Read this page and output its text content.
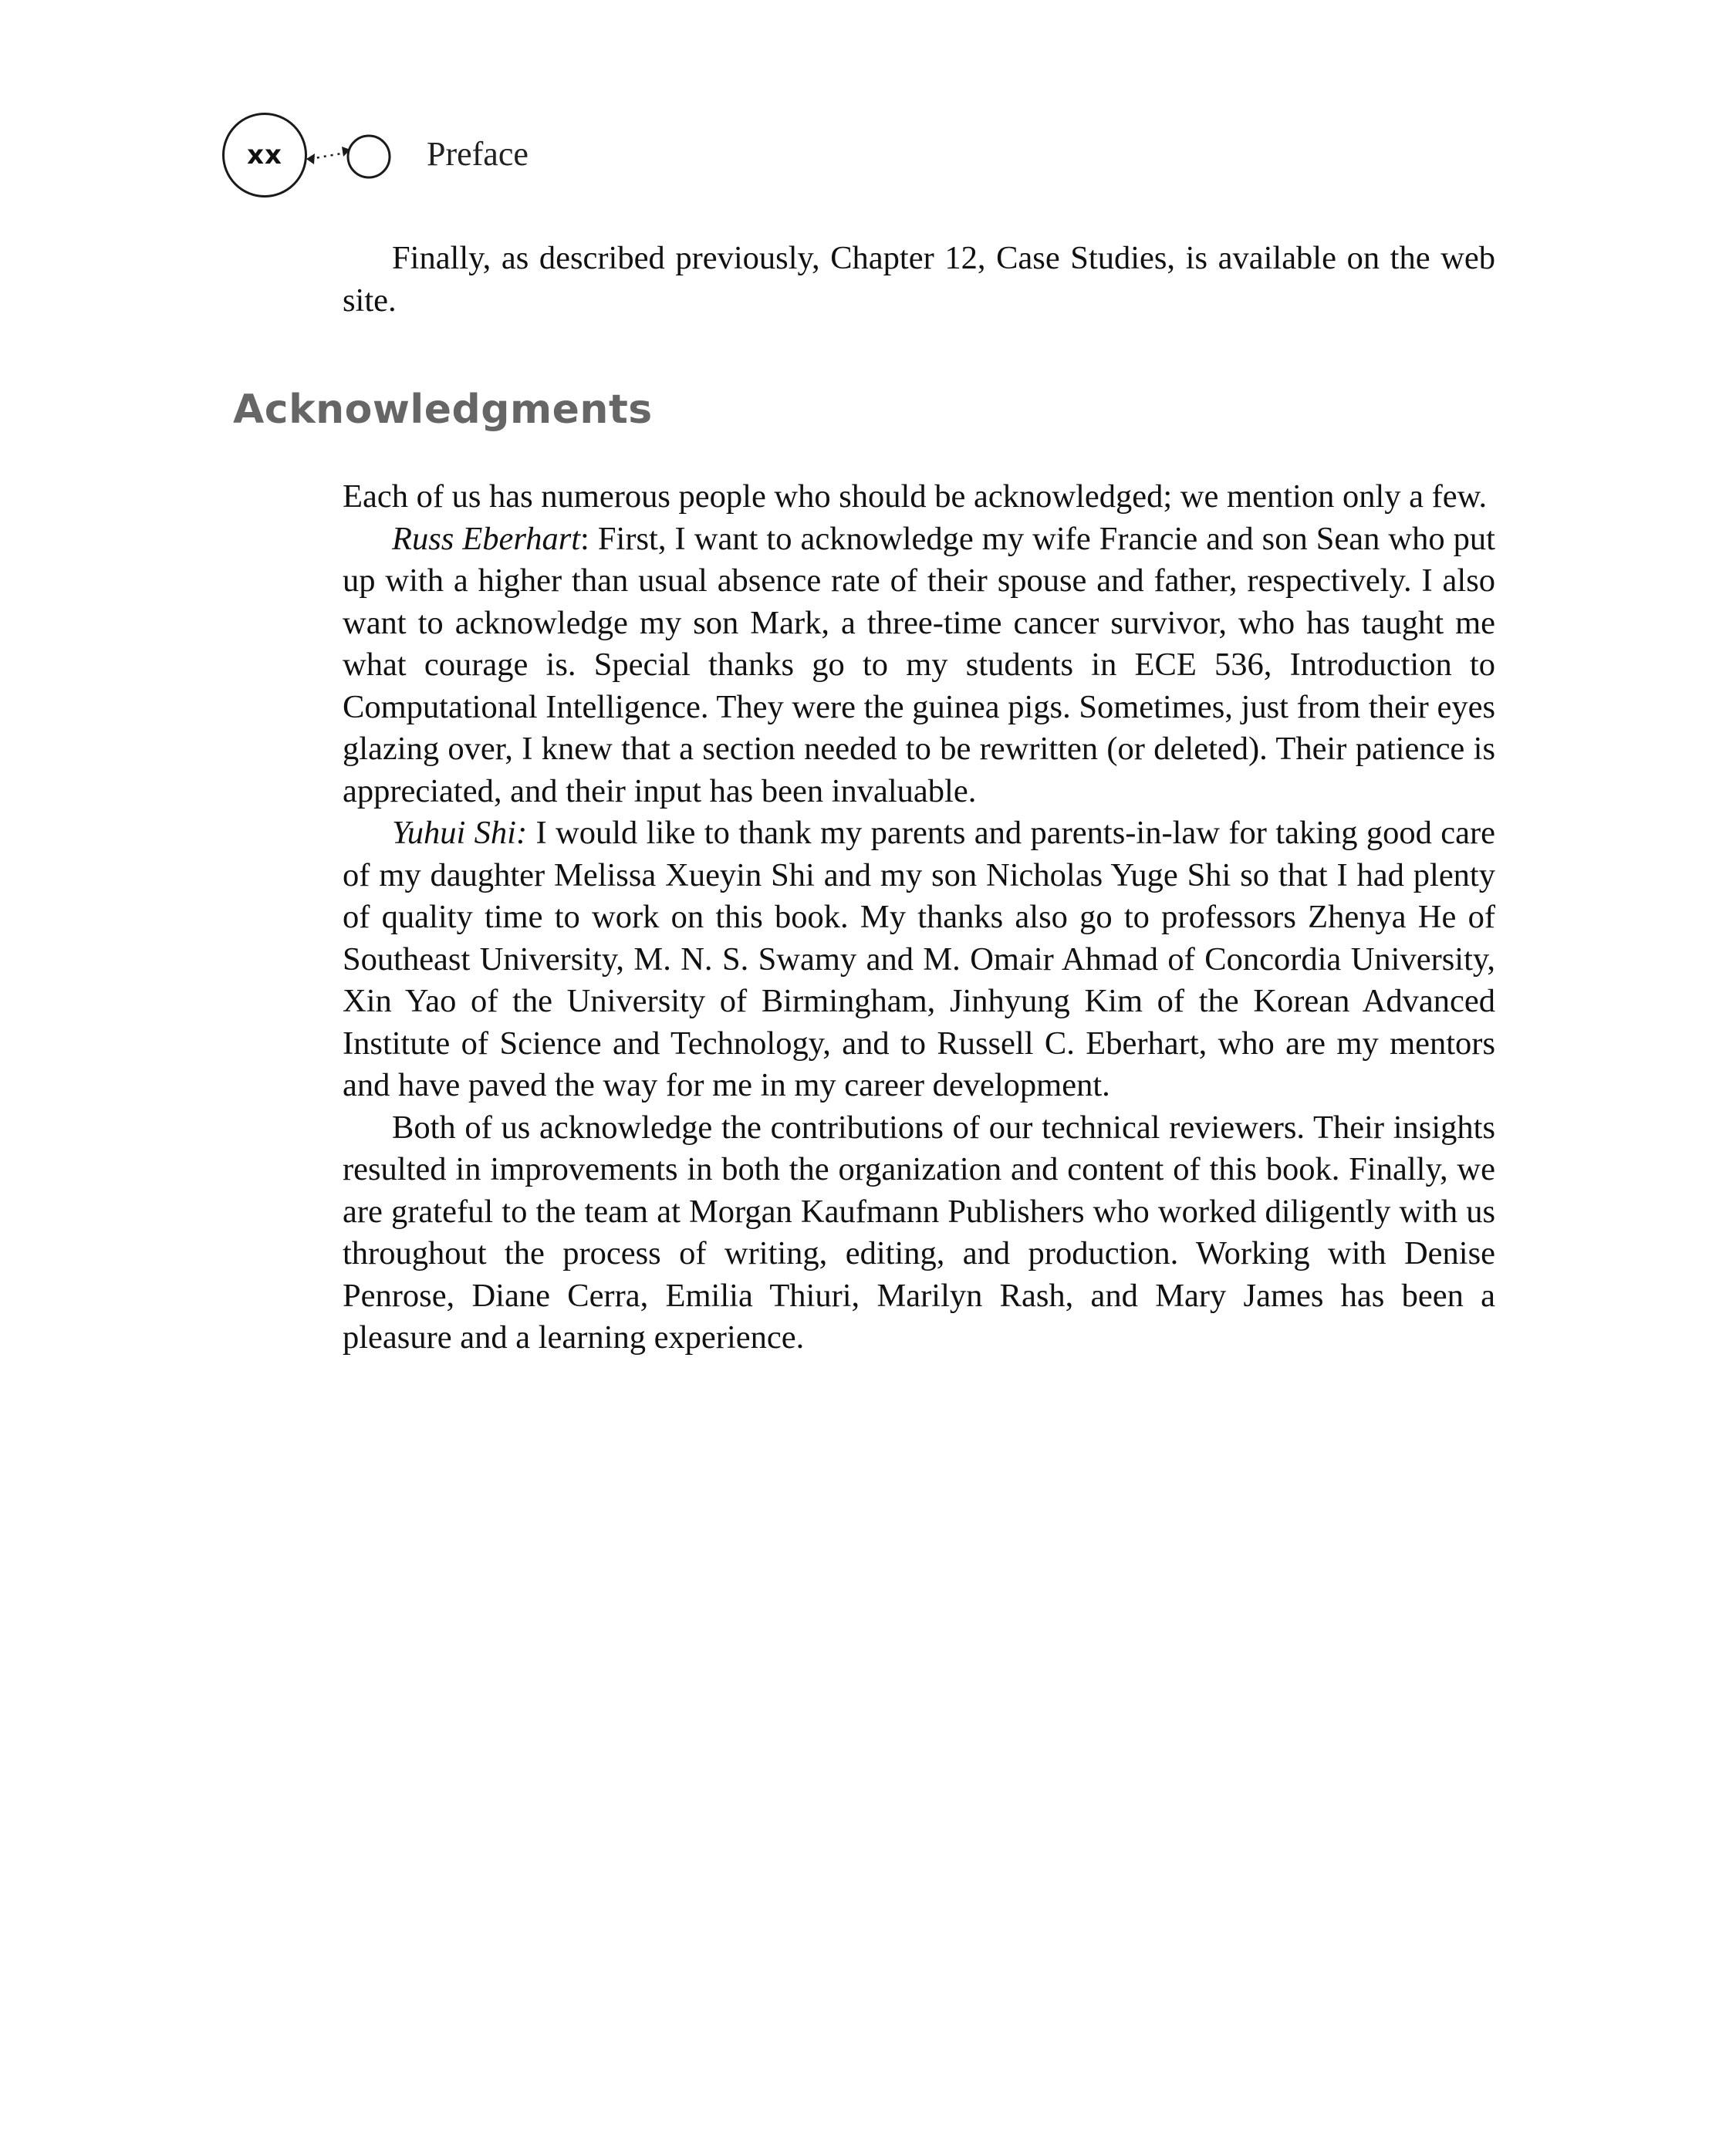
xx	Preface

Finally, as described previously, Chapter 12, Case Studies, is available on the web site.

Acknowledgments

Each of us has numerous people who should be acknowledged; we mention only a few.

Russ Eberhart: First, I want to acknowledge my wife Francie and son Sean who put up with a higher than usual absence rate of their spouse and father, respectively. I also want to acknowledge my son Mark, a three-time cancer survivor, who has taught me what courage is. Special thanks go to my students in ECE 536, Introduction to Computational Intelligence. They were the guinea pigs. Sometimes, just from their eyes glazing over, I knew that a section needed to be rewritten (or deleted). Their patience is appreciated, and their input has been invaluable.

Yuhui Shi: I would like to thank my parents and parents-in-law for taking good care of my daughter Melissa Xueyin Shi and my son Nicholas Yuge Shi so that I had plenty of quality time to work on this book. My thanks also go to professors Zhenya He of Southeast University, M. N. S. Swamy and M. Omair Ahmad of Concordia University, Xin Yao of the University of Birmingham, Jinhyung Kim of the Korean Advanced Institute of Science and Technology, and to Russell C. Eberhart, who are my mentors and have paved the way for me in my career development.

Both of us acknowledge the contributions of our technical reviewers. Their insights resulted in improvements in both the organization and content of this book. Finally, we are grateful to the team at Morgan Kaufmann Publishers who worked diligently with us throughout the process of writing, editing, and production. Working with Denise Penrose, Diane Cerra, Emilia Thiuri, Marilyn Rash, and Mary James has been a pleasure and a learning experience.
